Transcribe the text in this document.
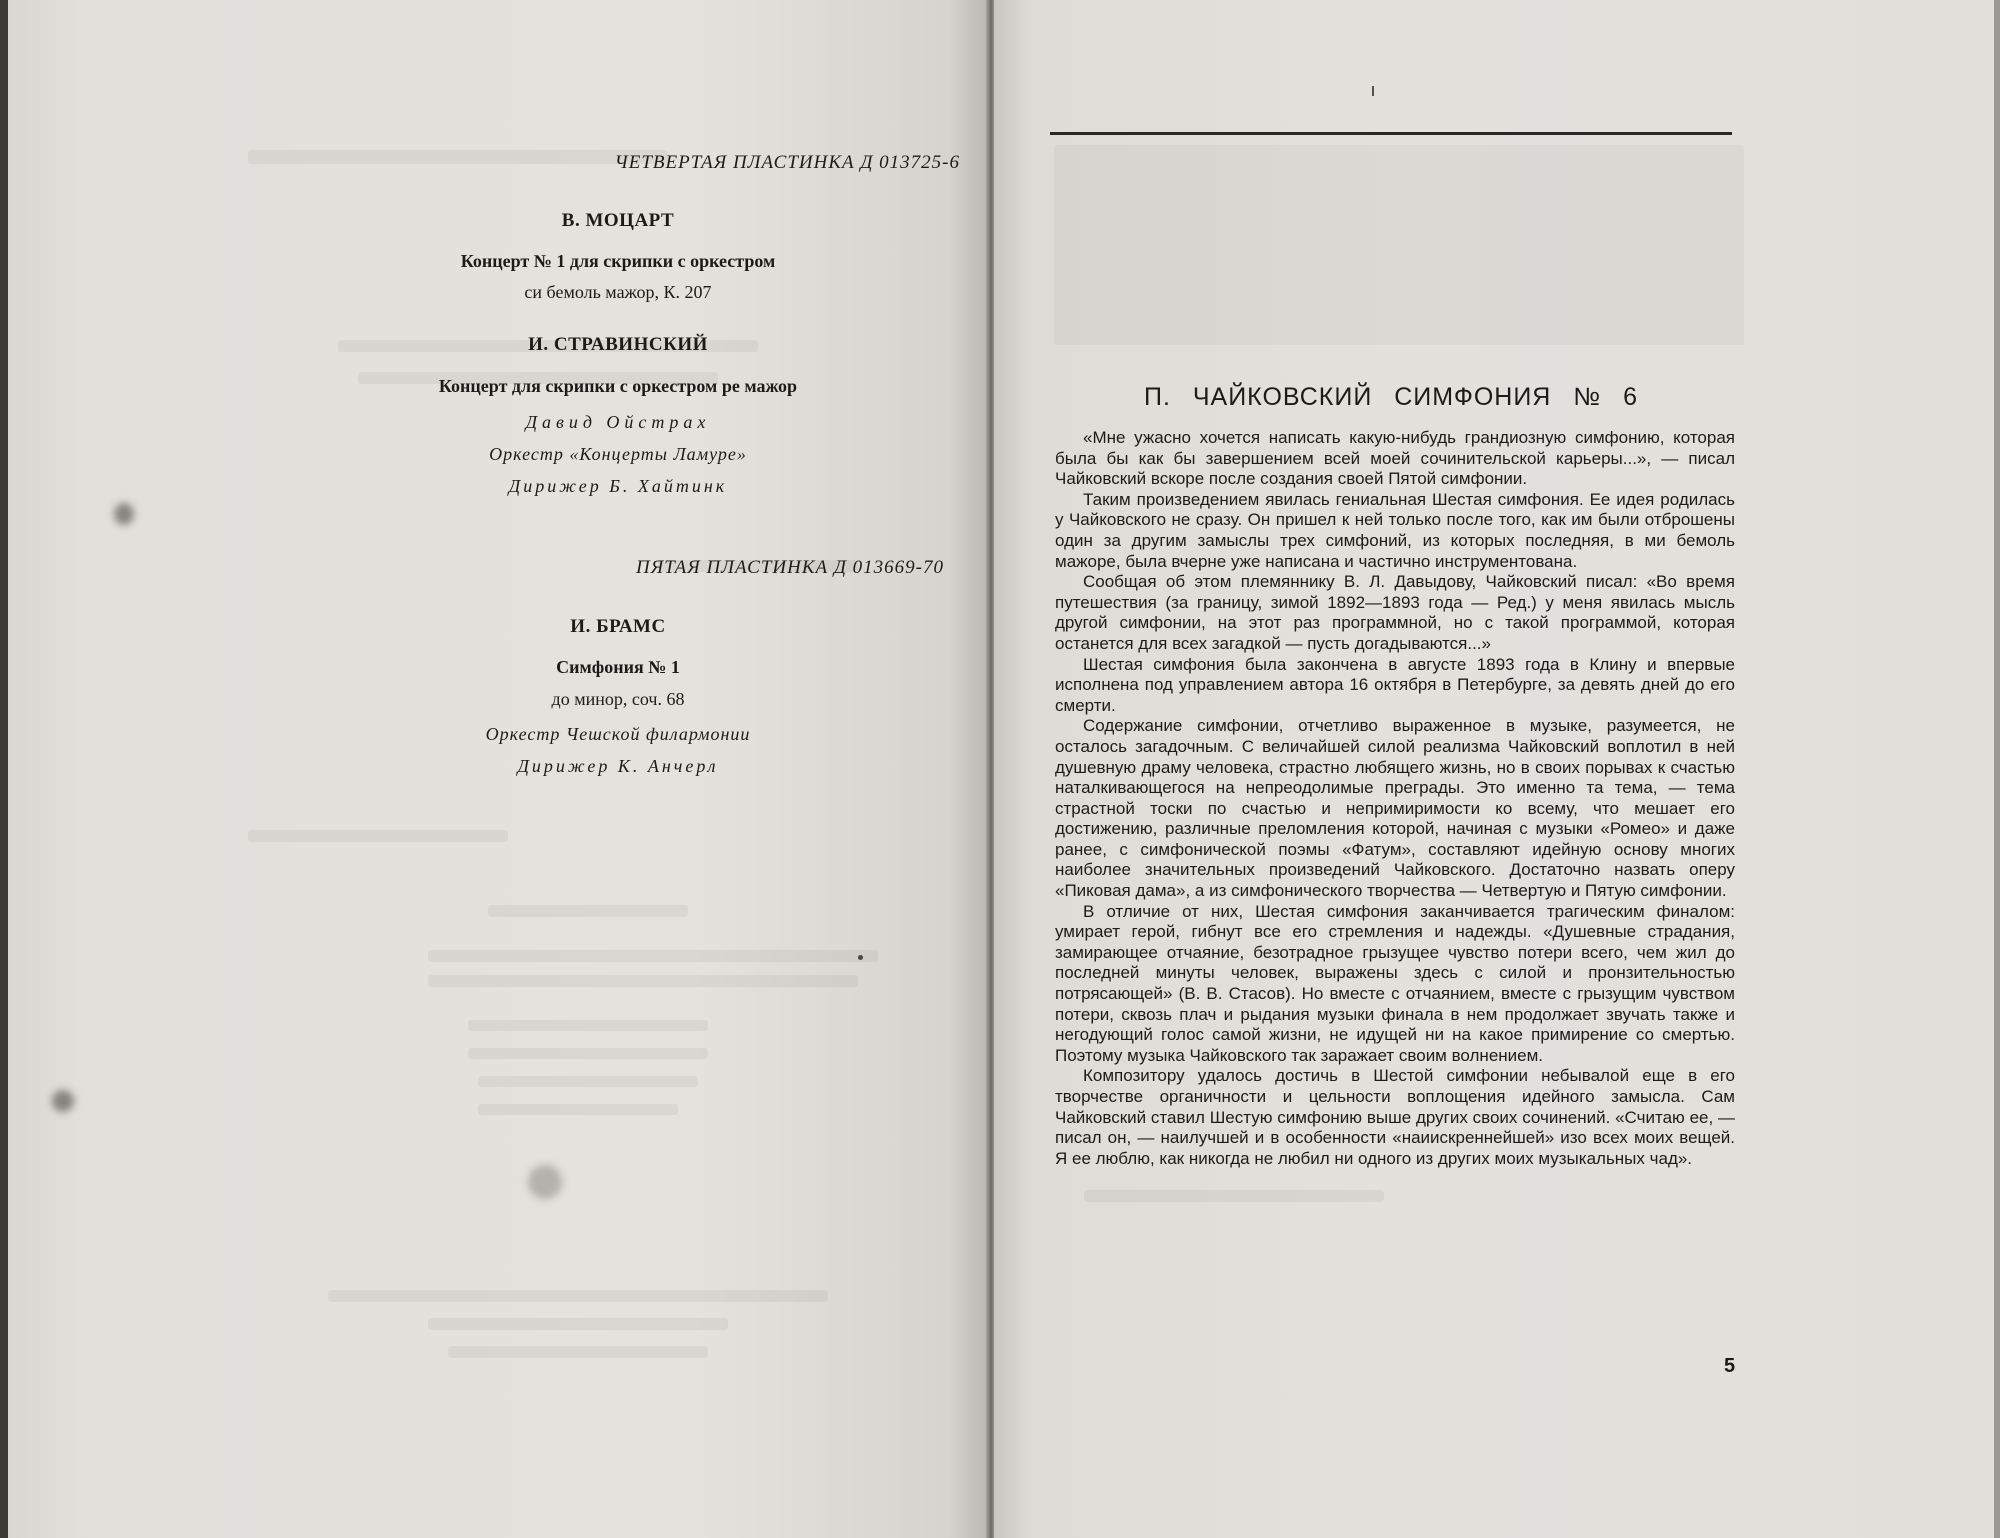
ЧЕТВЕРТАЯ ПЛАСТИНКА Д 013725-6
В. МОЦАРТ
Концерт № 1 для скрипки с оркестром
си бемоль мажор, К. 207
И. СТРАВИНСКИЙ
Концерт для скрипки с оркестром ре мажор
Давид Ойстрах
Оркестр «Концерты Ламуре»
Дирижер Б. Хайтинк
ПЯТАЯ ПЛАСТИНКА Д 013669-70
И. БРАМС
Симфония № 1
до минор, соч. 68
Оркестр Чешской филармонии
Дирижер К. Анчерл
П. ЧАЙКОВСКИЙ СИМФОНИЯ № 6

«Мне ужасно хочется написать какую-нибудь грандиозную симфонию, которая была бы как бы завершением всей моей сочинительской карьеры...», — писал Чайковский вскоре после создания своей Пятой симфонии.

Таким произведением явилась гениальная Шестая симфония. Ее идея родилась у Чайковского не сразу. Он пришел к ней только после того, как им были отброшены один за другим замыслы трех симфоний, из которых последняя, в ми бемоль мажоре, была вчерне уже написана и частично инструментована.

Сообщая об этом племяннику В. Л. Давыдову, Чайковский писал: «Во время путешествия (за границу, зимой 1892—1893 года — Ред.) у меня явилась мысль другой симфонии, на этот раз программной, но с такой программой, которая останется для всех загадкой — пусть догадываются...»

Шестая симфония была закончена в августе 1893 года в Клину и впервые исполнена под управлением автора 16 октября в Петербурге, за девять дней до его смерти.

Содержание симфонии, отчетливо выраженное в музыке, разумеется, не осталось загадочным. С величайшей силой реализма Чайковский воплотил в ней душевную драму человека, страстно любящего жизнь, но в своих порывах к счастью наталкивающегося на непреодолимые преграды. Это именно та тема, — тема страстной тоски по счастью и непримиримости ко всему, что мешает его достижению, различные преломления которой, начиная с музыки «Ромео» и даже ранее, с симфонической поэмы «Фатум», составляют идейную основу многих наиболее значительных произведений Чайковского. Достаточно назвать оперу «Пиковая дама», а из симфонического творчества — Четвертую и Пятую симфонии.

В отличие от них, Шестая симфония заканчивается трагическим финалом: умирает герой, гибнут все его стремления и надежды. «Душевные страдания, замирающее отчаяние, безотрадное грызущее чувство потери всего, чем жил до последней минуты человек, выражены здесь с силой и пронзительностью потрясающей» (В. В. Стасов). Но вместе с отчаянием, вместе с грызущим чувством потери, сквозь плач и рыдания музыки финала в нем продолжает звучать также и негодующий голос самой жизни, не идущей ни на какое примирение со смертью. Поэтому музыка Чайковского так заражает своим волнением.

Композитору удалось достичь в Шестой симфонии небывалой еще в его творчестве органичности и цельности воплощения идейного замысла. Сам Чайковский ставил Шестую симфонию выше других своих сочинений. «Считаю ее, — писал он, — наилучшей и в особенности «наиискреннейшей» изо всех моих вещей. Я ее люблю, как никогда не любил ни одного из других моих музыкальных чад».

5
